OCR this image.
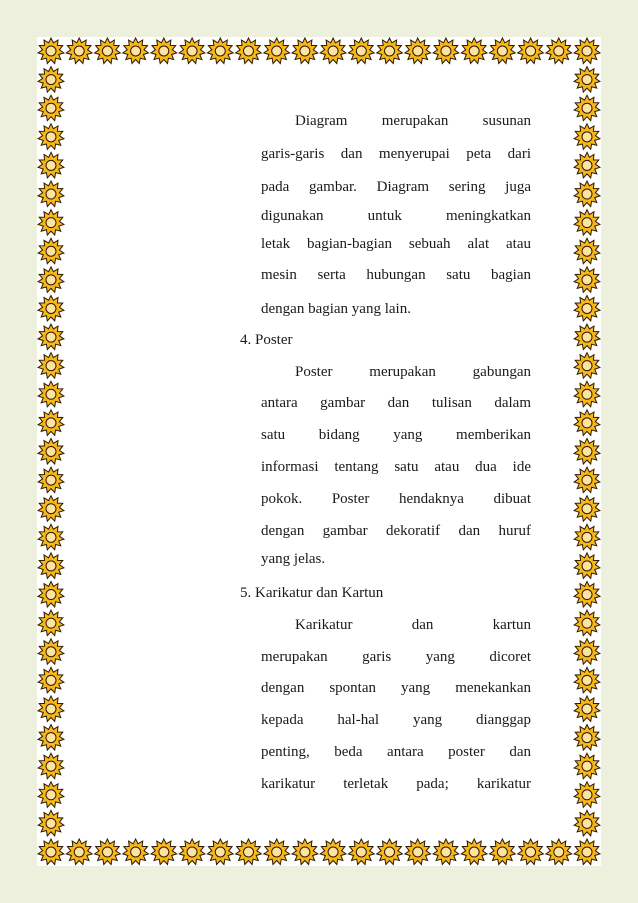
Diagram merupakan susunan
garis-garis dan menyerupai peta dari
pada gambar. Diagram sering juga
digunakan untuk meningkatkan
letak bagian-bagian sebuah alat atau
mesin serta hubungan satu bagian
dengan bagian yang lain.
4. Poster
Poster merupakan gabungan
antara gambar dan tulisan dalam
satu bidang yang memberikan
informasi tentang satu atau dua ide
pokok. Poster hendaknya dibuat
dengan gambar dekoratif dan huruf
yang jelas.
5. Karikatur dan Kartun
Karikatur dan kartun
merupakan garis yang dicoret
dengan spontan yang menekankan
kepada hal-hal yang dianggap
penting, beda antara poster dan
karikatur terletak pada; karikatur
